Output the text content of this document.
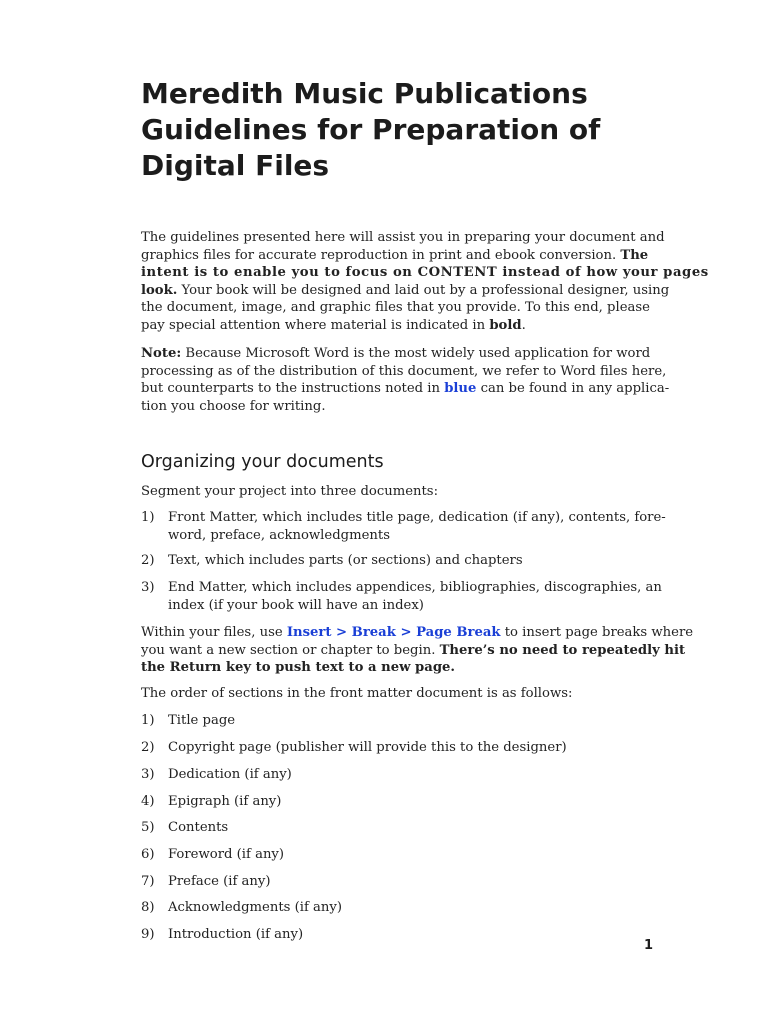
Meredith Music Publications
Guidelines for Preparation of
Digital Files

The guidelines presented here will assist you in preparing your document and
graphics files for accurate reproduction in print and ebook conversion. The
intent is to enable you to focus on CONTENT instead of how your pages
look. Your book will be designed and laid out by a professional designer, using
the document, image, and graphic files that you provide. To this end, please
pay special attention where material is indicated in bold.

Note: Because Microsoft Word is the most widely used application for word
processing as of the distribution of this document, we refer to Word files here,
but counterparts to the instructions noted in blue can be found in any applica-
tion you choose for writing.

Organizing your documents

Segment your project into three documents:

1) Front Matter, which includes title page, dedication (if any), contents, fore-
word, preface, acknowledgments
2) Text, which includes parts (or sections) and chapters
3) End Matter, which includes appendices, bibliographies, discographies, an
index (if your book will have an index)

Within your files, use Insert > Break > Page Break to insert page breaks where
you want a new section or chapter to begin. There’s no need to repeatedly hit
the Return key to push text to a new page.

The order of sections in the front matter document is as follows:

1) Title page
2) Copyright page (publisher will provide this to the designer)
3) Dedication (if any)
4) Epigraph (if any)
5) Contents
6) Foreword (if any)
7) Preface (if any)
8) Acknowledgments (if any)
9) Introduction (if any)
1
